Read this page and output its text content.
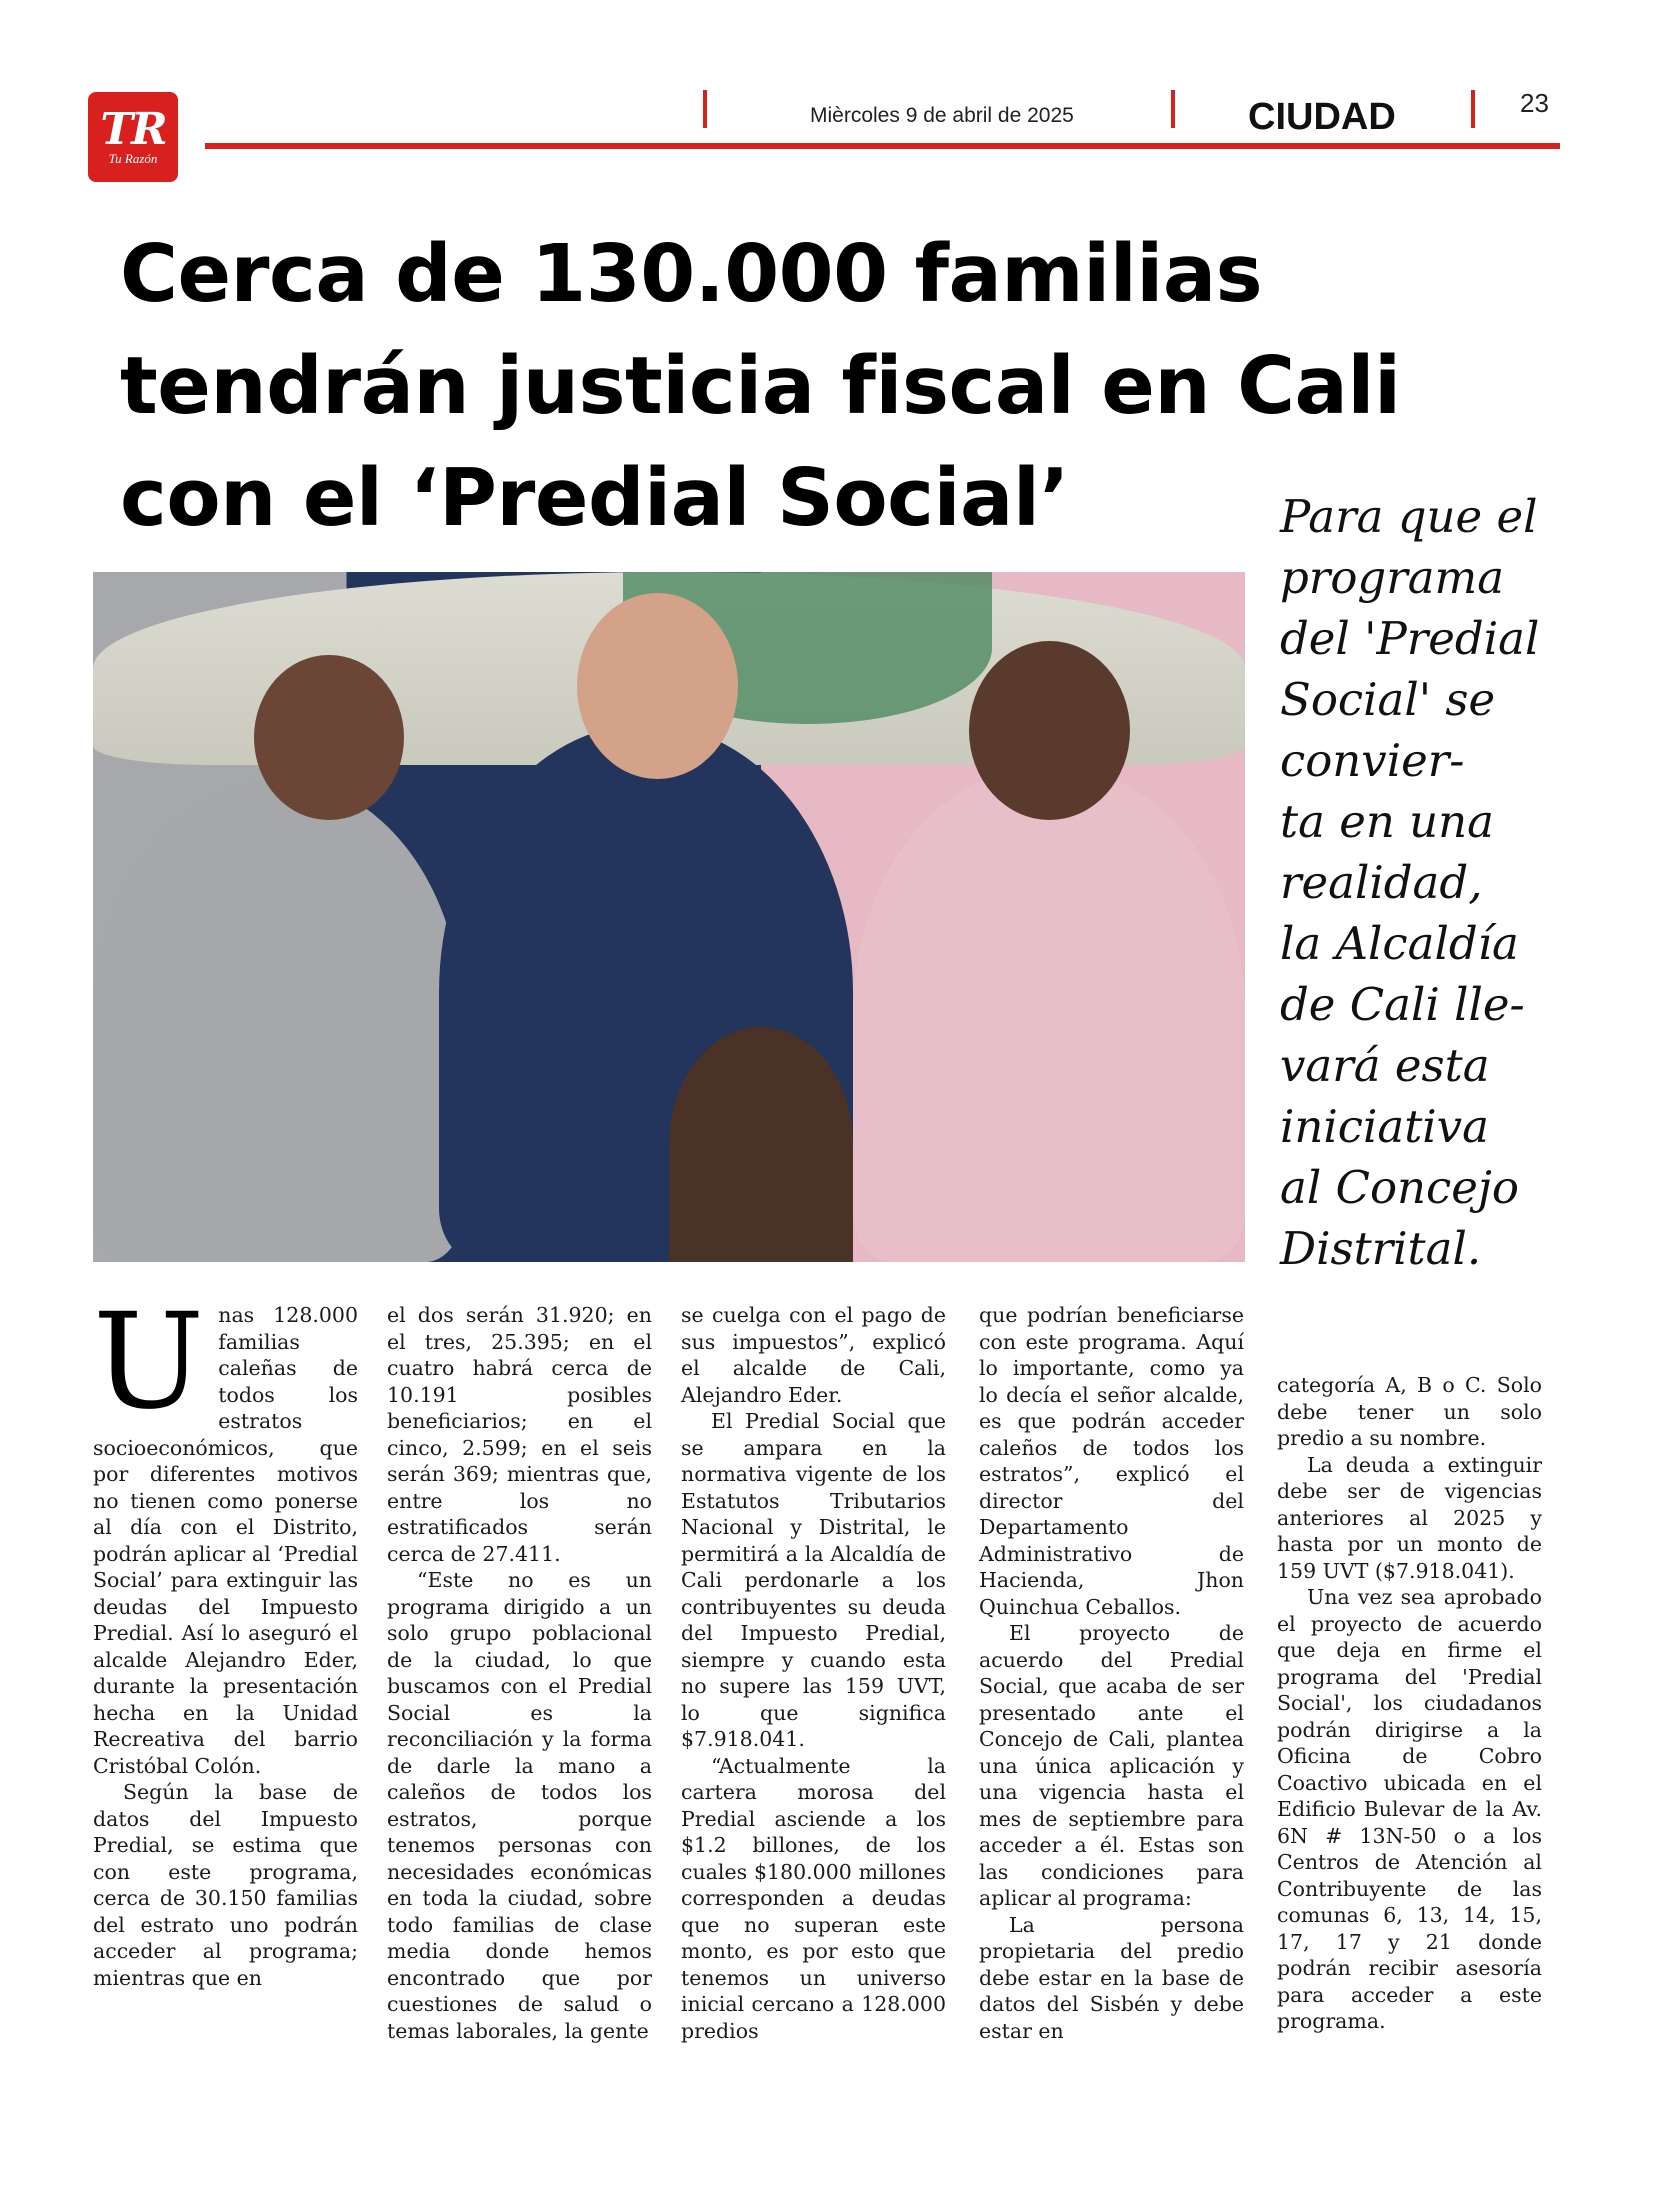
TR
Tu Razón
Mièrcoles 9 de abril de 2025	CIUDAD	23
Cerca de 130.000 familias
tendrán justicia fiscal en Cali
con el ‘Predial Social’	Para que el

programa

del 'Predial

Social' se

convier-

ta en una

realidad,

la Alcaldía

de Cali lle-

vará esta

iniciativa

al Concejo

Distrital.

U nas 128.000 familias caleñas de todos los estratos socioeconómicos, que por diferentes motivos no tienen como ponerse al día con el Distrito, podrán aplicar al ‘Predial Social’ para extinguir las deudas del Impuesto Predial. Así lo aseguró el alcalde Alejandro Eder, durante la presentación hecha en la Unidad Recreativa del barrio Cristóbal Colón.

Según la base de datos del Impuesto Predial, se estima que con este programa, cerca de 30.150 familias del estrato uno podrán acceder al programa; mientras que en

el dos serán 31.920; en el tres, 25.395; en el cuatro habrá cerca de 10.191 posibles beneficiarios; en el cinco, 2.599; en el seis serán 369; mientras que, entre los no estratificados serán cerca de 27.411.

“Este no es un programa dirigido a un solo grupo poblacional de la ciudad, lo que buscamos con el Predial Social es la reconciliación y la forma de darle la mano a caleños de todos los estratos, porque tenemos personas con necesidades económicas en toda la ciudad, sobre todo familias de clase media donde hemos encontrado que por cuestiones de salud o temas laborales, la gente

se cuelga con el pago de sus impuestos”, explicó el alcalde de Cali, Alejandro Eder.

El Predial Social que se ampara en la normativa vigente de los Estatutos Tributarios Nacional y Distrital, le permitirá a la Alcaldía de Cali perdonarle a los contribuyentes su deuda del Impuesto Predial, siempre y cuando esta no supere las 159 UVT, lo que significa $7.918.041.

“Actualmente la cartera morosa del Predial asciende a los $1.2 billones, de los cuales $180.000 millones corresponden a deudas que no superan este monto, es por esto que tenemos un universo inicial cercano a 128.000 predios

que podrían beneficiarse con este programa. Aquí lo importante, como ya lo decía el señor alcalde, es que podrán acceder caleños de todos los estratos”, explicó el director del Departamento Administrativo de Hacienda, Jhon Quinchua Ceballos.

El proyecto de acuerdo del Predial Social, que acaba de ser presentado ante el Concejo de Cali, plantea una única aplicación y una vigencia hasta el mes de septiembre para acceder a él. Estas son las condiciones para aplicar al programa:

La persona propietaria del predio debe estar en la base de datos del Sisbén y debe estar en

categoría A, B o C. Solo debe tener un solo predio a su nombre.

La deuda a extinguir debe ser de vigencias anteriores al 2025 y hasta por un monto de 159 UVT ($7.918.041).

Una vez sea aprobado el proyecto de acuerdo que deja en firme el programa del 'Predial Social', los ciudadanos podrán dirigirse a la Oficina de Cobro Coactivo ubicada en el Edificio Bulevar de la Av. 6N # 13N-50 o a los Centros de Atención al Contribuyente de las comunas 6, 13, 14, 15, 17, 17 y 21 donde podrán recibir asesoría para acceder a este programa.
